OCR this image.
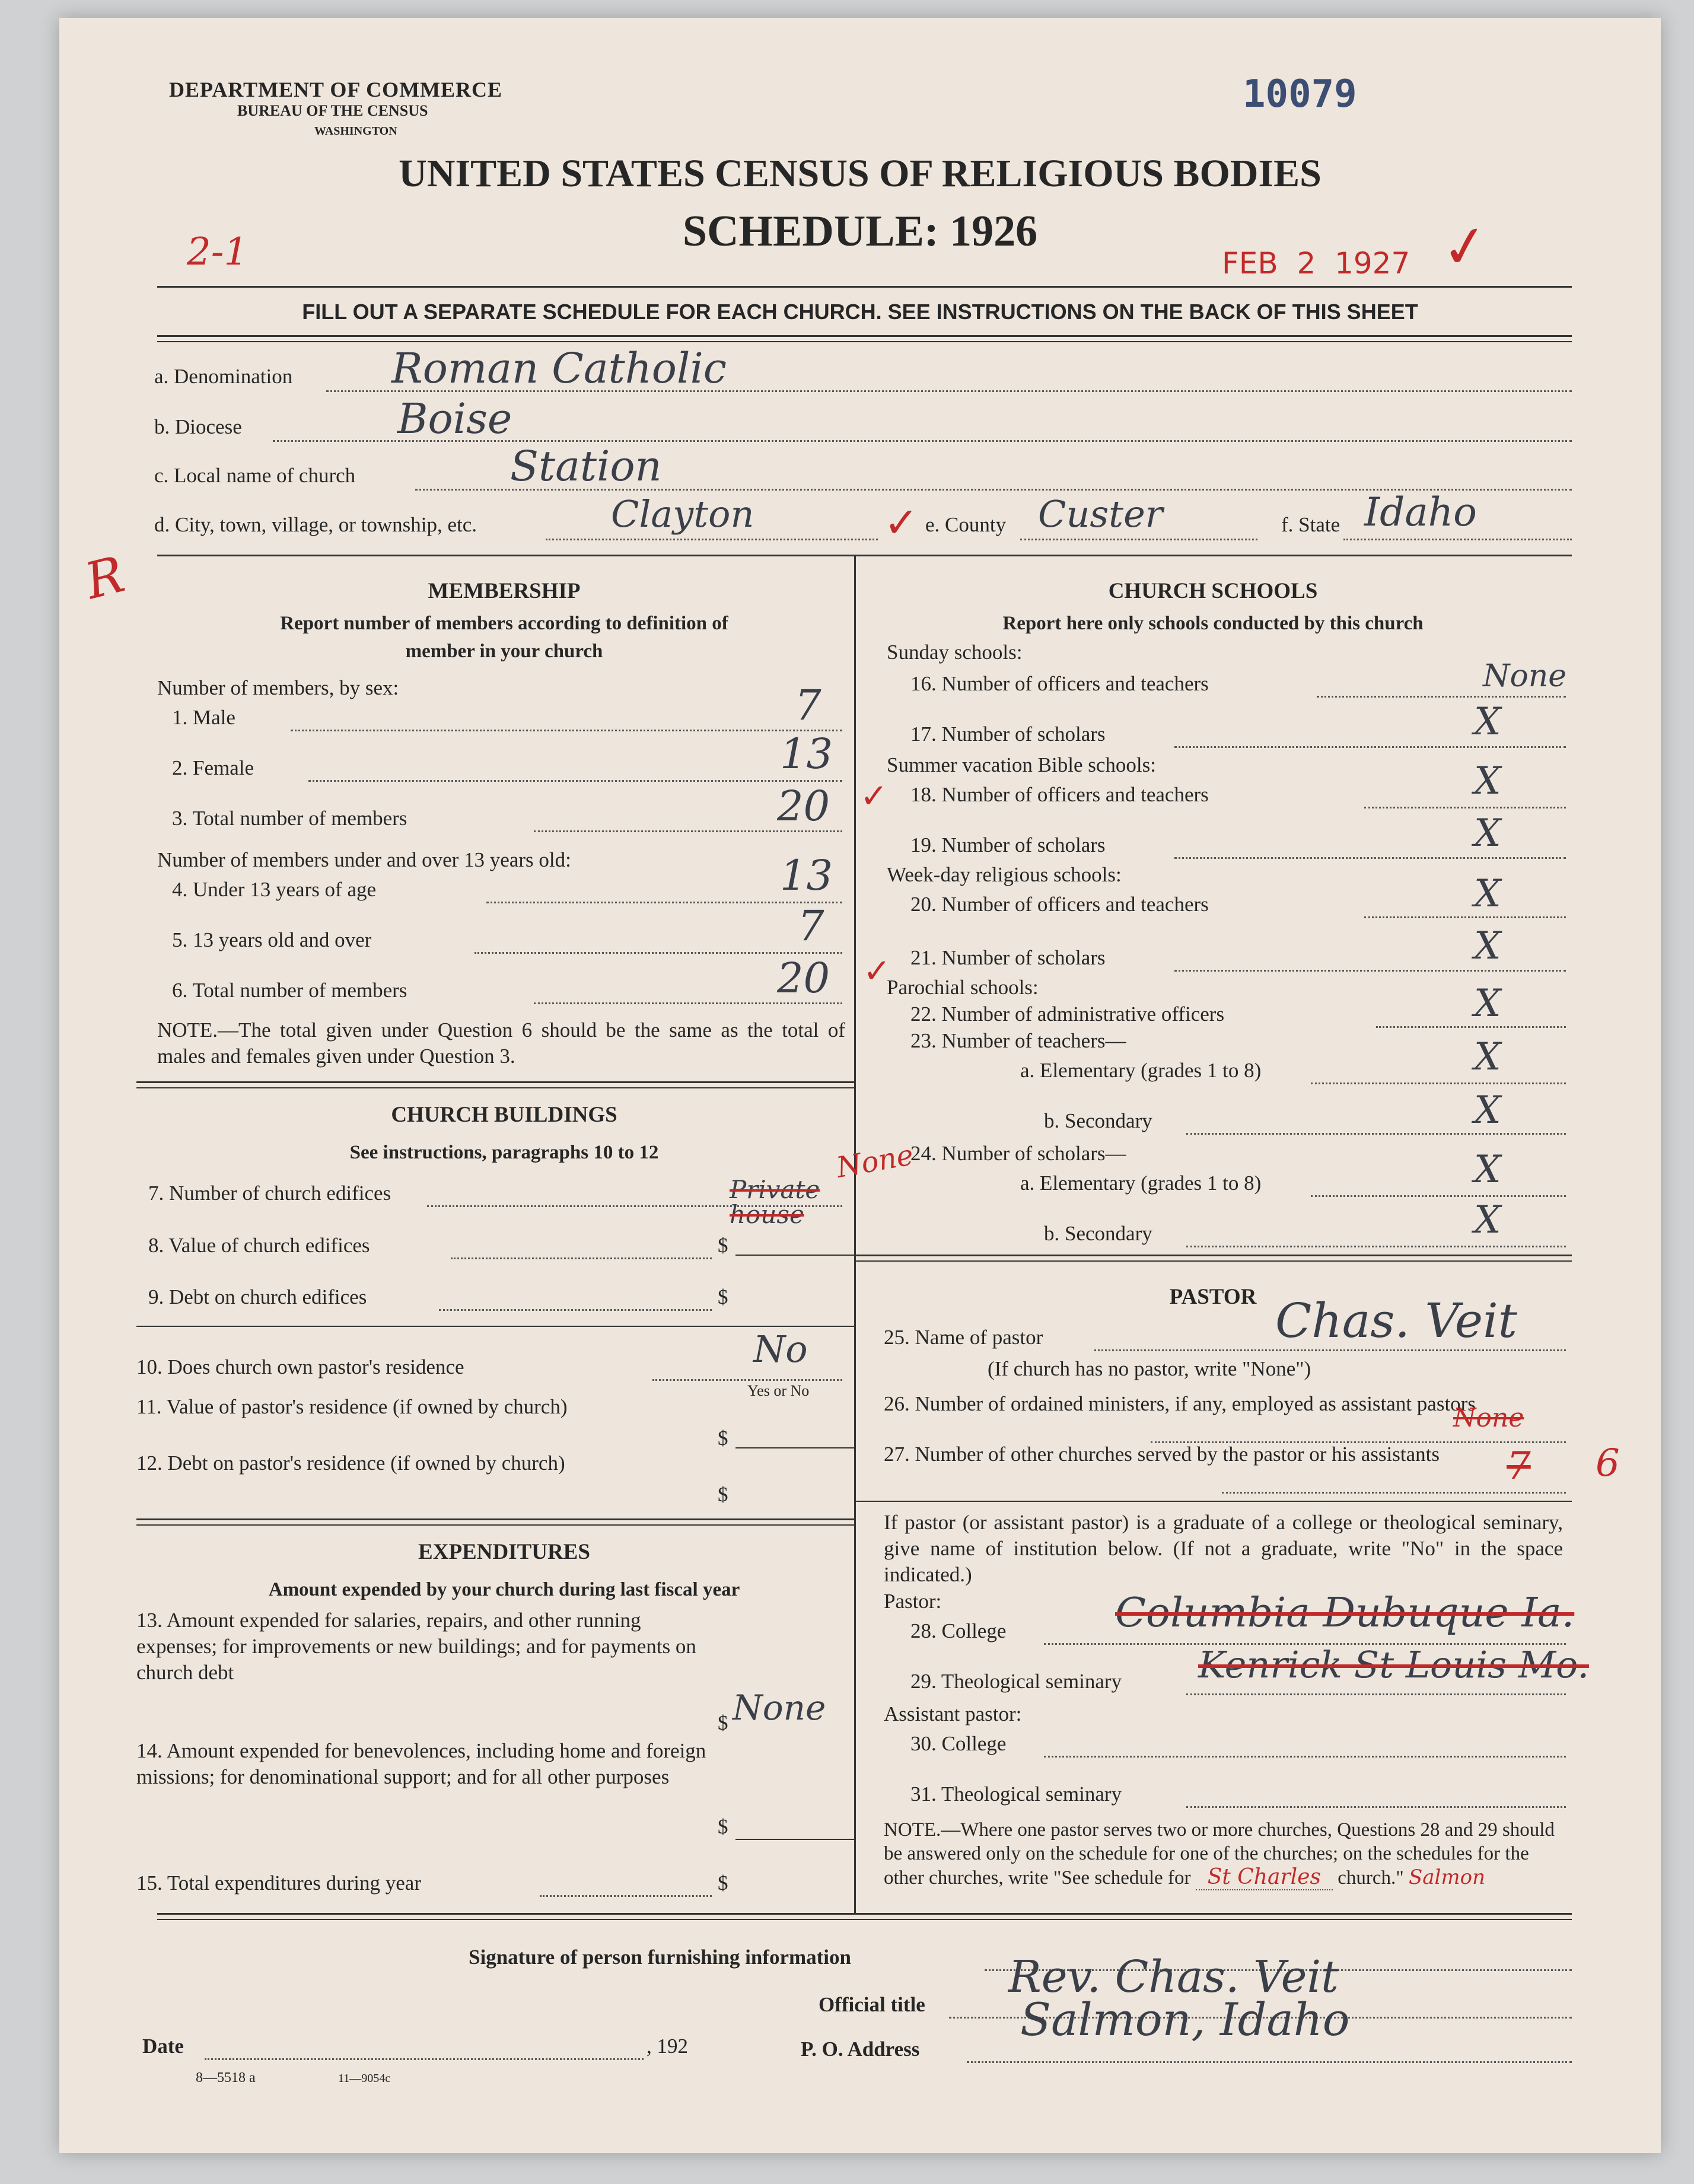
DEPARTMENT OF COMMERCE
BUREAU OF THE CENSUS
WASHINGTON
10079
UNITED STATES CENSUS OF RELIGIOUS BODIES
SCHEDULE: 1926
2-1	FEB 2 1927 ✓
FILL OUT A SEPARATE SCHEDULE FOR EACH CHURCH. SEE INSTRUCTIONS ON THE BACK OF THIS SHEET
a. Denomination Roman Catholic
b. Diocese	Boise
c. Local name of church	Station
d. City, town, village, or township, etc.	Clayton	✓ e. County Custer	f. State Idaho
R	MEMBERSHIP
Report number of members according to definition of
member in your church
Number of members, by sex:
1. Male	7
2. Female	13
3. Total number of members	20 ✓
Number of members under and over 13 years old:
4. Under 13 years of age	13
5. 13 years old and over	7
6. Total number of members	20 ✓
NOTE.—The total given under Question 6 should be the same as the total of males and females given under Question 3.
CHURCH BUILDINGS
See instructions, paragraphs 10 to 12
7. Number of church edifices	Private house
None
8. Value of church edifices	$
9. Debt on church edifices	$
10. Does church own pastor's residence	No
Yes or No
11. Value of pastor's residence (if owned by church)
$
12. Debt on pastor's residence (if owned by church)
$
EXPENDITURES
Amount expended by your church during last fiscal year
13. Amount expended for salaries, repairs, and other running expenses; for improvements or new buildings; and for payments on church debt
$ None
14. Amount expended for benevolences, including home and foreign missions; for denominational support; and for all other purposes
$
15. Total expenditures during year	$
CHURCH SCHOOLS
Report here only schools conducted by this church
Sunday schools:
16. Number of officers and teachers	None
17. Number of scholars	X
Summer vacation Bible schools:
18. Number of officers and teachers	X
19. Number of scholars	X
Week-day religious schools:
20. Number of officers and teachers	X
21. Number of scholars	X
Parochial schools:
22. Number of administrative officers	X
23. Number of teachers—
a. Elementary (grades 1 to 8)	X
b. Secondary	X
24. Number of scholars—
a. Elementary (grades 1 to 8)	X
b. Secondary	X
PASTOR
25. Name of pastor	Chas. Veit
(If church has no pastor, write "None")
26. Number of ordained ministers, if any, employed as assistant pastors
None
27. Number of other churches served by the pastor or his assistants	7 6
If pastor (or assistant pastor) is a graduate of a college or theological seminary, give name of institution below. (If not a graduate, write "No" in the space indicated.)
Pastor:
28. College	Columbia Dubuque Ia.
29. Theological seminary Kenrick St Louis Mo.
Assistant pastor:
30. College
31. Theological seminary
NOTE.—Where one pastor serves two or more churches, Questions 28 and 29 should be answered only on the schedule for one of the churches; on the schedules for the other churches, write "See schedule for St Charles church." Salmon
Signature of person furnishing information
Official title
Rev. Chas. Veit
Date	, 192	P. O. Address
Salmon, Idaho
8—5518 a	11—9054c
